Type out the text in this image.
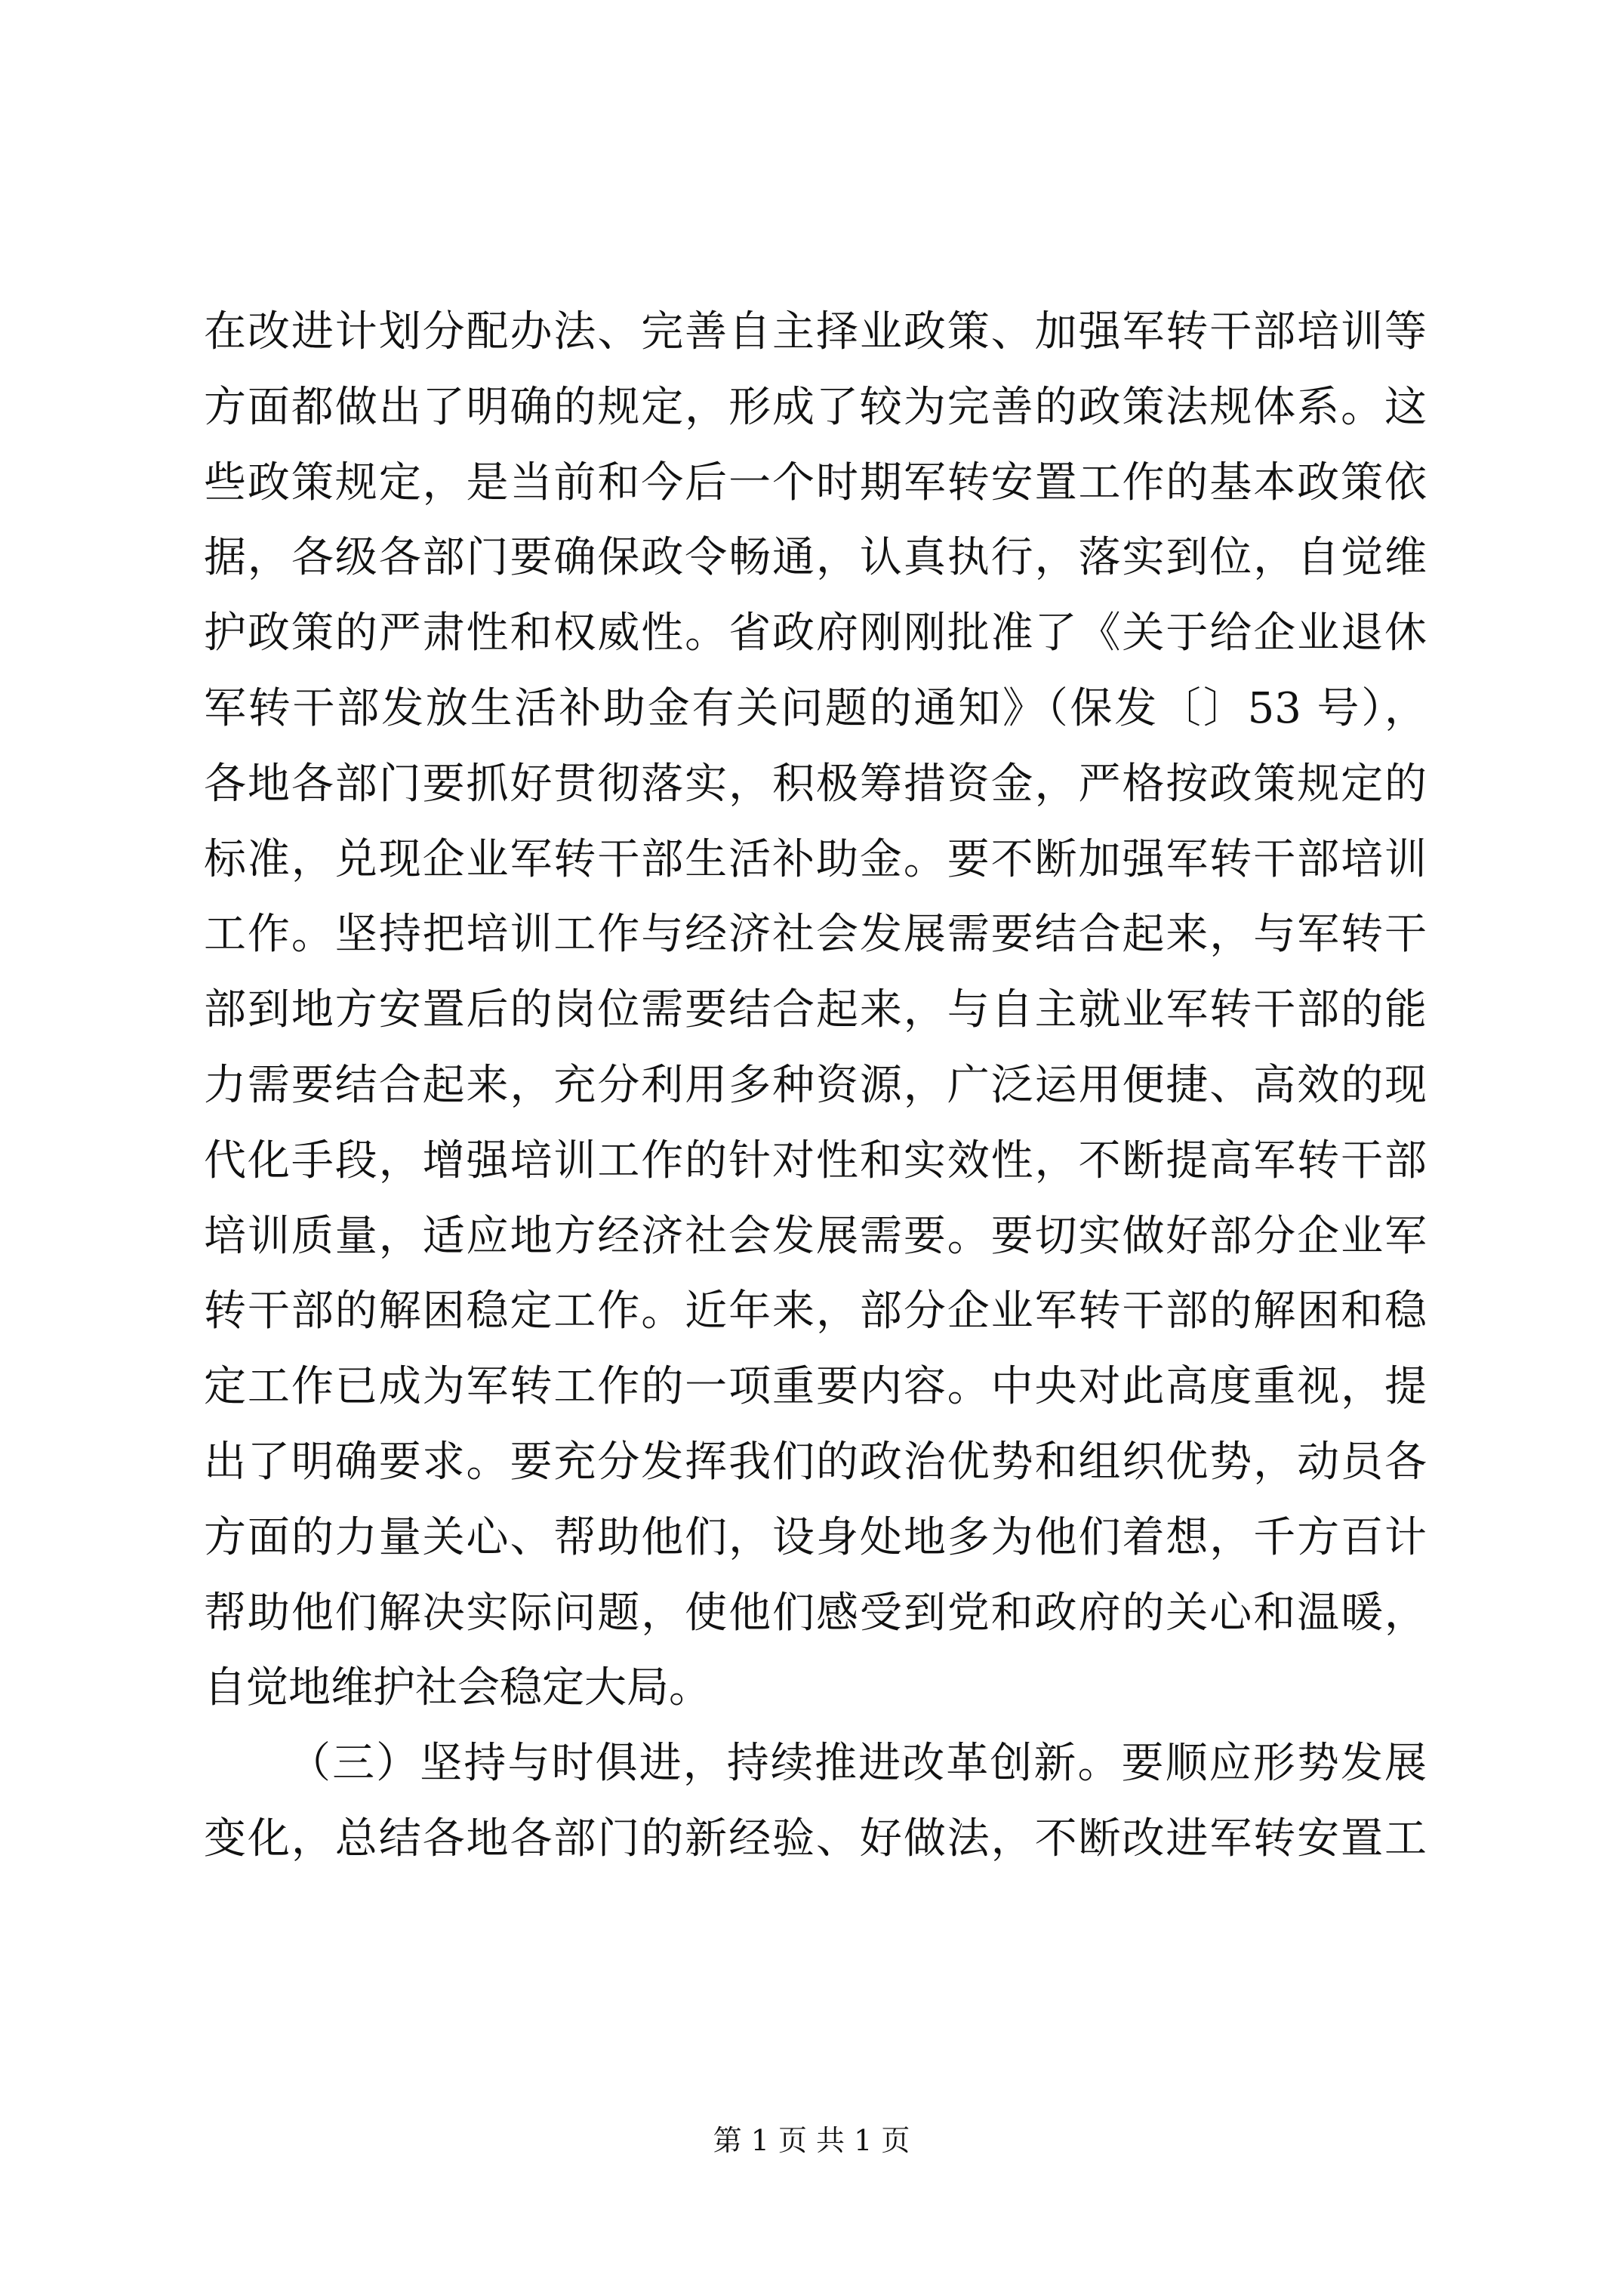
在改进计划分配办法、完善自主择业政策、加强军转干部培训等
方面都做出了明确的规定，形成了较为完善的政策法规体系。这
些政策规定，是当前和今后一个时期军转安置工作的基本政策依
据，各级各部门要确保政令畅通，认真执行，落实到位，自觉维
护政策的严肃性和权威性。省政府刚刚批准了《关于给企业退休
军转干部发放生活补助金有关问题的通知》（保发〔〕53 号），
各地各部门要抓好贯彻落实，积极筹措资金，严格按政策规定的
标准，兑现企业军转干部生活补助金。要不断加强军转干部培训
工作。坚持把培训工作与经济社会发展需要结合起来，与军转干
部到地方安置后的岗位需要结合起来，与自主就业军转干部的能
力需要结合起来，充分利用多种资源，广泛运用便捷、高效的现
代化手段，增强培训工作的针对性和实效性，不断提高军转干部
培训质量，适应地方经济社会发展需要。要切实做好部分企业军
转干部的解困稳定工作。近年来，部分企业军转干部的解困和稳
定工作已成为军转工作的一项重要内容。中央对此高度重视，提
出了明确要求。要充分发挥我们的政治优势和组织优势，动员各
方面的力量关心、帮助他们，设身处地多为他们着想，千方百计
帮助他们解决实际问题，使他们感受到党和政府的关心和温暖，
自觉地维护社会稳定大局。
（三）坚持与时俱进，持续推进改革创新。要顺应形势发展
变化，总结各地各部门的新经验、好做法，不断改进军转安置工
第 1 页 共 1 页
